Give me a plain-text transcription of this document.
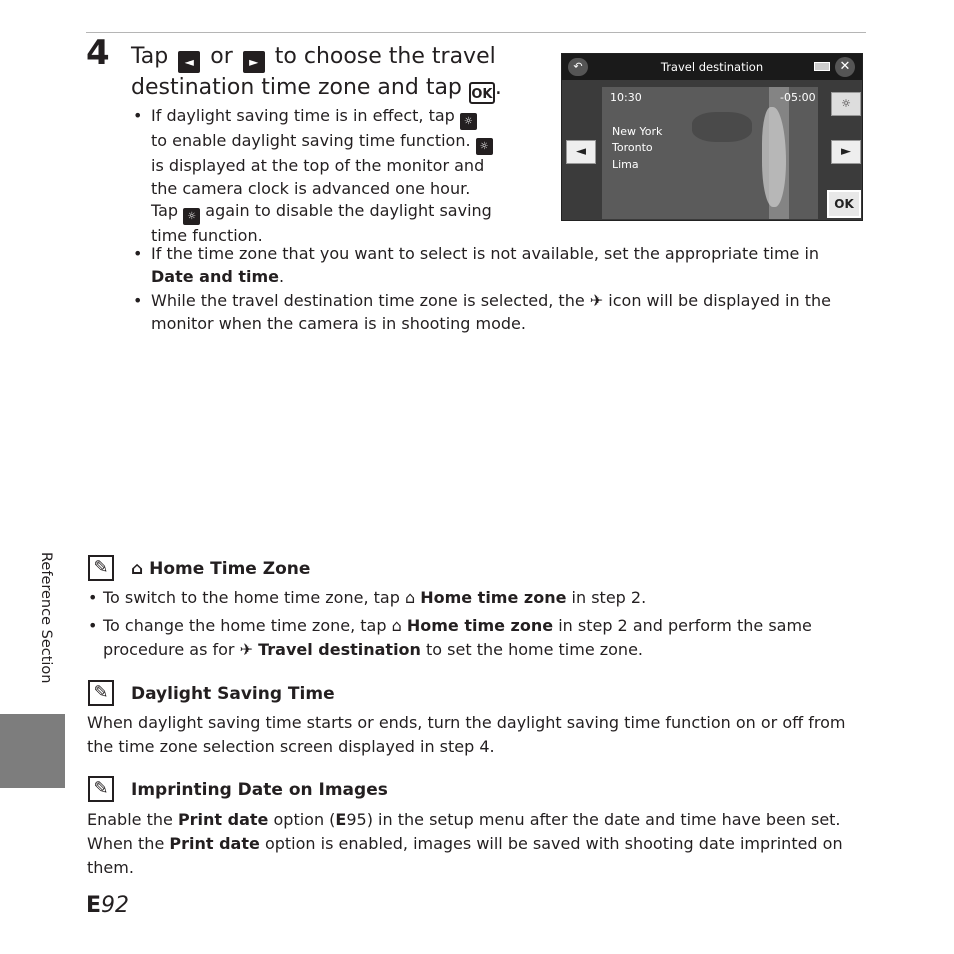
4 Tap ◄ or ► to choose the travel destination time zone and tap OK .
• If daylight saving time is in effect, tap ☼ to enable daylight saving time function. ☼ is displayed at the top of the monitor and the camera clock is advanced one hour. Tap ☼ again to disable the daylight saving time function.
• If the time zone that you want to select is not available, set the appropriate time in Date and time.
• While the travel destination time zone is selected, the ✈ icon will be displayed in the monitor when the camera is in shooting mode.
↶	Travel destination	✕
10:30	-05:00
New York
Toronto
Lima
◄	►
☼
OK
Reference Section	✎	⌂ Home Time Zone
• To switch to the home time zone, tap ⌂ Home time zone in step 2.
• To change the home time zone, tap ⌂ Home time zone in step 2 and perform the same procedure as for ✈ Travel destination to set the home time zone.
✎	Daylight Saving Time
When daylight saving time starts or ends, turn the daylight saving time function on or off from the time zone selection screen displayed in step 4.
✎	Imprinting Date on Images
Enable the Print date option (E95) in the setup menu after the date and time have been set. When the Print date option is enabled, images will be saved with shooting date imprinted on them.
E92
